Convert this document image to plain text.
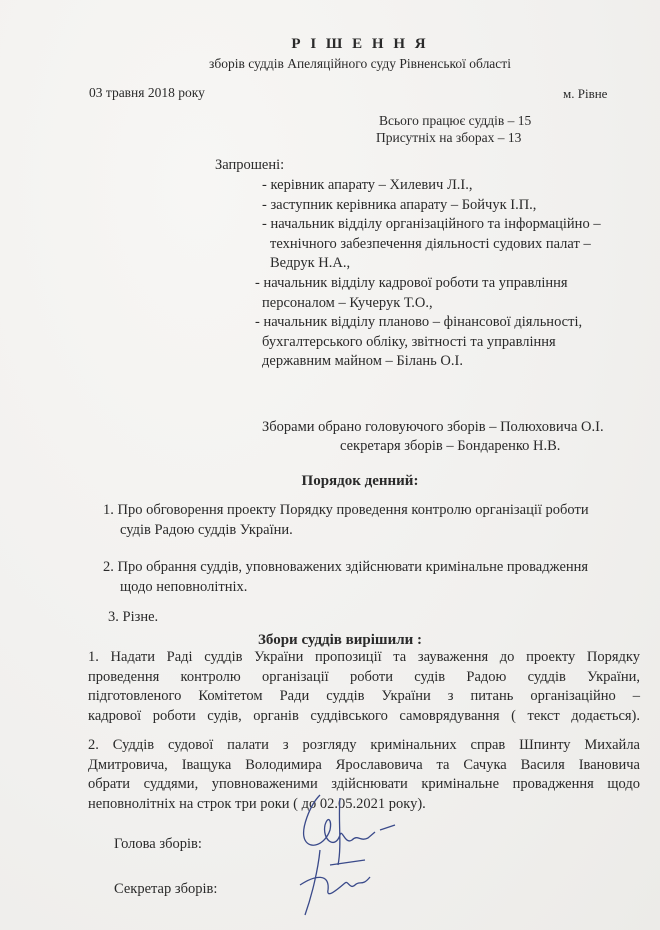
Р І Ш Е Н Н Я
зборів суддів Апеляційного суду Рівненської області
03 травня 2018 року	м. Рівне
Всього працює суддів – 15
Присутніх на зборах – 13
Запрошені:
- керівник апарату – Хилевич Л.І.,
- заступник керівника апарату – Бойчук І.П.,
- начальник відділу організаційного та інформаційно –
технічного забезпечення діяльності судових палат –
Ведрук Н.А.,
- начальник відділу кадрової роботи та управління
персоналом – Кучерук Т.О.,
- начальник відділу планово – фінансової діяльності,
бухгалтерського обліку, звітності та управління
державним майном – Білань О.І.
Зборами обрано головуючого зборів – Полюховича О.І.
секретаря зборів – Бондаренко Н.В.
Порядок денний:
1. Про обговорення проекту Порядку проведення контролю організації роботи
судів Радою суддів України.
2. Про обрання суддів, уповноважених здійснювати кримінальне провадження
щодо неповнолітніх.
3. Різне.
Збори суддів вирішили :
1. Надати Раді суддів України пропозиції та зауваження до проекту Порядку
проведення контролю організації роботи судів Радою суддів України,
підготовленого Комітетом Ради суддів України з питань організаційно –
кадрової роботи судів, органів суддівського самоврядування ( текст додається).
2. Суддів судової палати з розгляду кримінальних справ Шпинту Михайла
Дмитровича, Іващука Володимира Ярославовича та Сачука Василя Івановича
обрати суддями, уповноваженими здійснювати кримінальне провадження щодо
неповнолітніх на строк три роки ( до 02.05.2021 року).
Голова зборів:
Секретар зборів:
